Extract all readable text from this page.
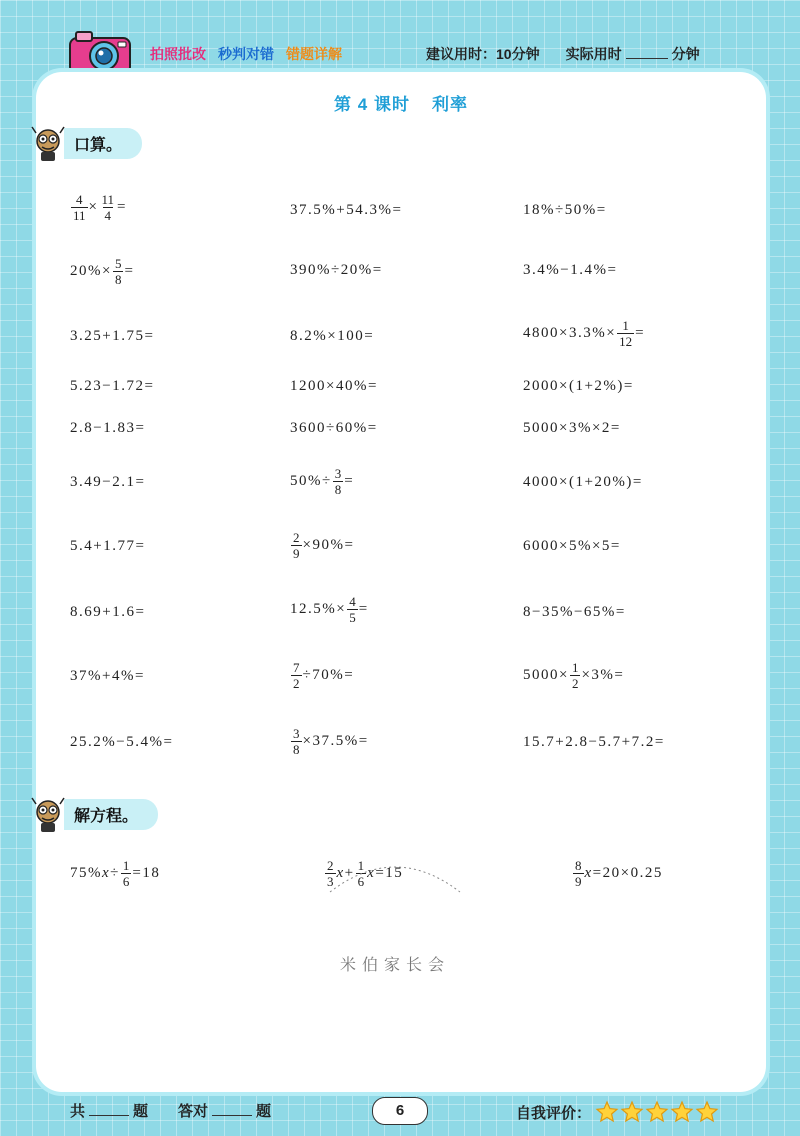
拍照批改 秒判对错 错题详解	建议用时：10分钟 实际用时	分钟
第 4 课时 利率
口算。
$\frac{4}{11} \times \frac{11}{4}$ =	37.5%+54.3%=	18%÷50%=
$20\%\times \frac{5}{8}$ =	390%÷20%=	3.4%−1.4%=
3.25+1.75=	8.2%×100=	$4800\times 3.3\%\times \frac{1}{12}$ =
5.23−1.72=	1200×40%=	2000×(1+2%)=
2.8−1.83=	3600÷60%=	5000×3%×2=
3.49−2.1=	$50\%\div \frac{3}{8}$ =	4000×(1+20%)=
5.4+1.77=	$\frac{2}{9} \times 90\%=$	6000×5%×5=
8.69+1.6=	$12.5\%\times \frac{4}{5}$ =	8−35%−65%=
37%+4%=	$\frac{7}{2} \div 70\%=$	$5000\times \frac{1}{2} \times 3\%=$
25.2%−5.4%=	$\frac{3}{8} \times 37.5\%=$	15.7+2.8−5.7+7.2=
解方程。
75% $x \div \frac{1}{6} =18$	$\frac{2}{3}$ $x + \frac{1}{6}$ x =15	$\frac{8}{9}$ x =20×0.25
米伯家长会
共	题 答对	题	6	自我评价：
